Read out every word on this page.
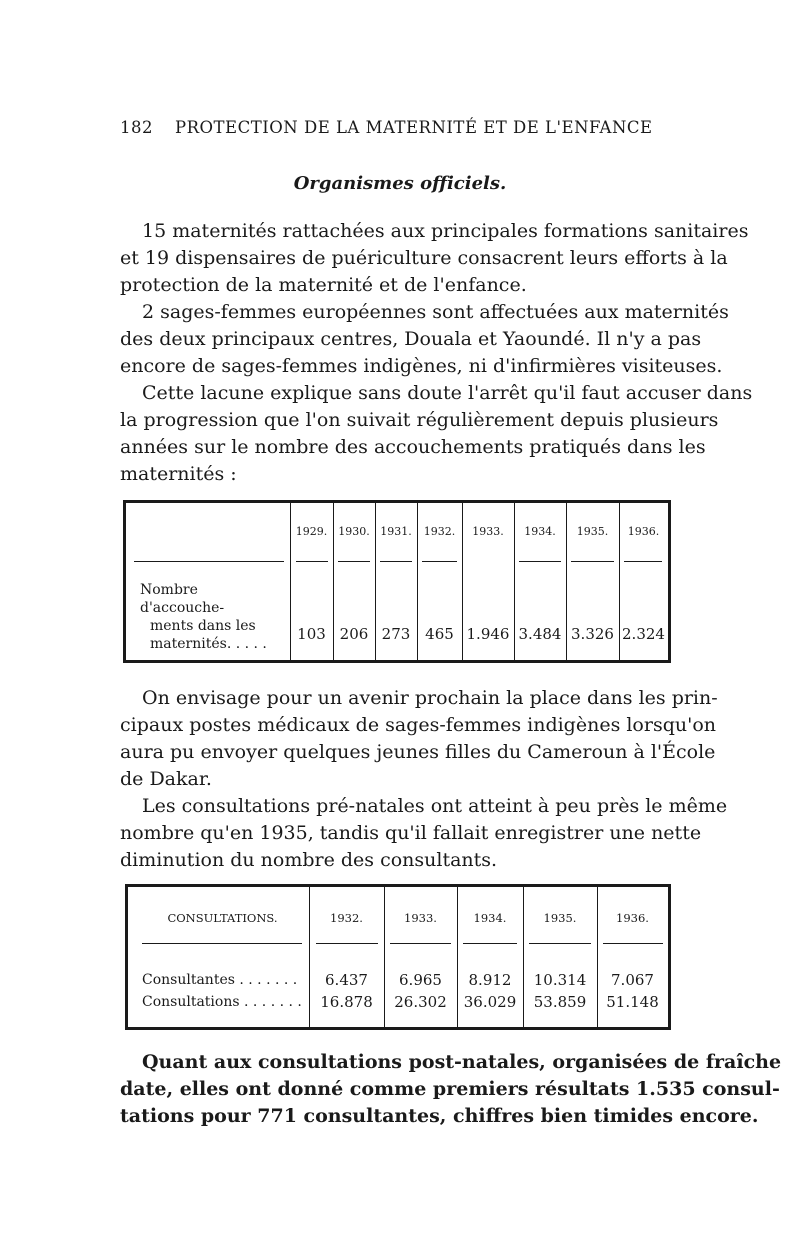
182 PROTECTION DE LA MATERNITÉ ET DE L'ENFANCE
Organismes officiels.
15 maternités rattachées aux principales formations sanitaires
et 19 dispensaires de puériculture consacrent leurs efforts à la
protection de la maternité et de l'enfance.
2 sages-femmes européennes sont affectuées aux maternités
des deux principaux centres, Douala et Yaoundé. Il n'y a pas
encore de sages-femmes indigènes, ni d'infirmières visiteuses.
Cette lacune explique sans doute l'arrêt qu'il faut accuser dans
la progression que l'on suivait régulièrement depuis plusieurs
années sur le nombre des accouchements pratiqués dans les
maternités :
1929.	1930. 1931.	1932.	1933.	1934.	1935.	1936.
Nombre d'accouche-
ments dans les
maternités. . . . .
103 206 273 465 1.946 3.484 3.326 2.324
On envisage pour un avenir prochain la place dans les prin-
cipaux postes médicaux de sages-femmes indigènes lorsqu'on
aura pu envoyer quelques jeunes filles du Cameroun à l'École
de Dakar.
Les consultations pré-natales ont atteint à peu près le même
nombre qu'en 1935, tandis qu'il fallait enregistrer une nette
diminution du nombre des consultants.
CONSULTATIONS.	1932.	1933.	1934.	1935.	1936.
Consultantes . . . . . . .	6.437	6.965	8.912	10.314	7.067
Consultations . . . . . . .	16.878	26.302	36.029	53.859	51.148
Quant aux consultations post-natales, organisées de fraîche
date, elles ont donné comme premiers résultats 1.535 consul-
tations pour 771 consultantes, chiffres bien timides encore.
